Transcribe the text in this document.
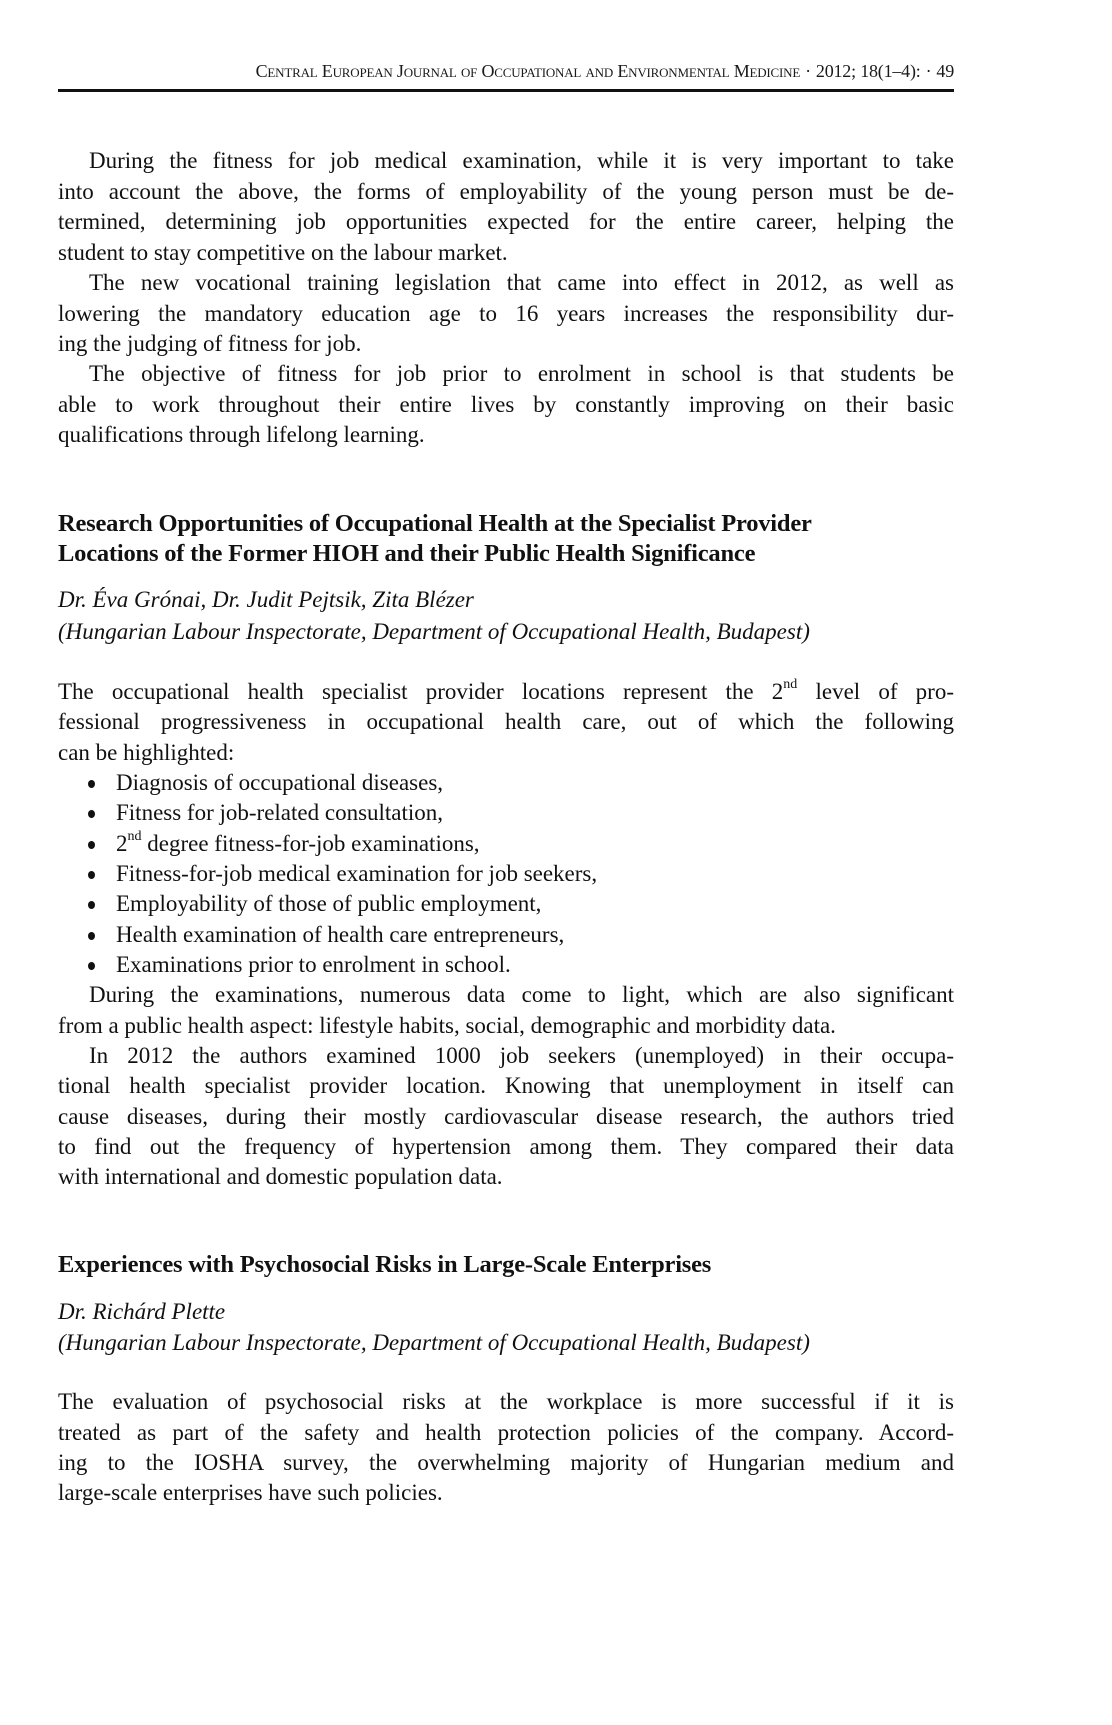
Central European Journal of Occupational and Environmental Medicine · 2012; 18(1–4): · 49
During the fitness for job medical examination, while it is very important to take
into account the above, the forms of employability of the young person must be de-
termined, determining job opportunities expected for the entire career, helping the
student to stay competitive on the labour market.
The new vocational training legislation that came into effect in 2012, as well as
lowering the mandatory education age to 16 years increases the responsibility dur-
ing the judging of fitness for job.
The objective of fitness for job prior to enrolment in school is that students be
able to work throughout their entire lives by constantly improving on their basic
qualifications through lifelong learning.
Research Opportunities of Occupational Health at the Specialist Provider
Locations of the Former HIOH and their Public Health Significance
Dr. Éva Grónai, Dr. Judit Pejtsik, Zita Blézer
(Hungarian Labour Inspectorate, Department of Occupational Health, Budapest)
The occupational health specialist provider locations represent the 2nd level of pro-
fessional progressiveness in occupational health care, out of which the following
can be highlighted:
Diagnosis of occupational diseases,
Fitness for job-related consultation,
2nd degree fitness-for-job examinations,
Fitness-for-job medical examination for job seekers,
Employability of those of public employment,
Health examination of health care entrepreneurs,
Examinations prior to enrolment in school.
During the examinations, numerous data come to light, which are also significant
from a public health aspect: lifestyle habits, social, demographic and morbidity data.
In 2012 the authors examined 1000 job seekers (unemployed) in their occupa-
tional health specialist provider location. Knowing that unemployment in itself can
cause diseases, during their mostly cardiovascular disease research, the authors tried
to find out the frequency of hypertension among them. They compared their data
with international and domestic population data.
Experiences with Psychosocial Risks in Large-Scale Enterprises
Dr. Richárd Plette
(Hungarian Labour Inspectorate, Department of Occupational Health, Budapest)
The evaluation of psychosocial risks at the workplace is more successful if it is
treated as part of the safety and health protection policies of the company. Accord-
ing to the IOSHA survey, the overwhelming majority of Hungarian medium and
large-scale enterprises have such policies.
